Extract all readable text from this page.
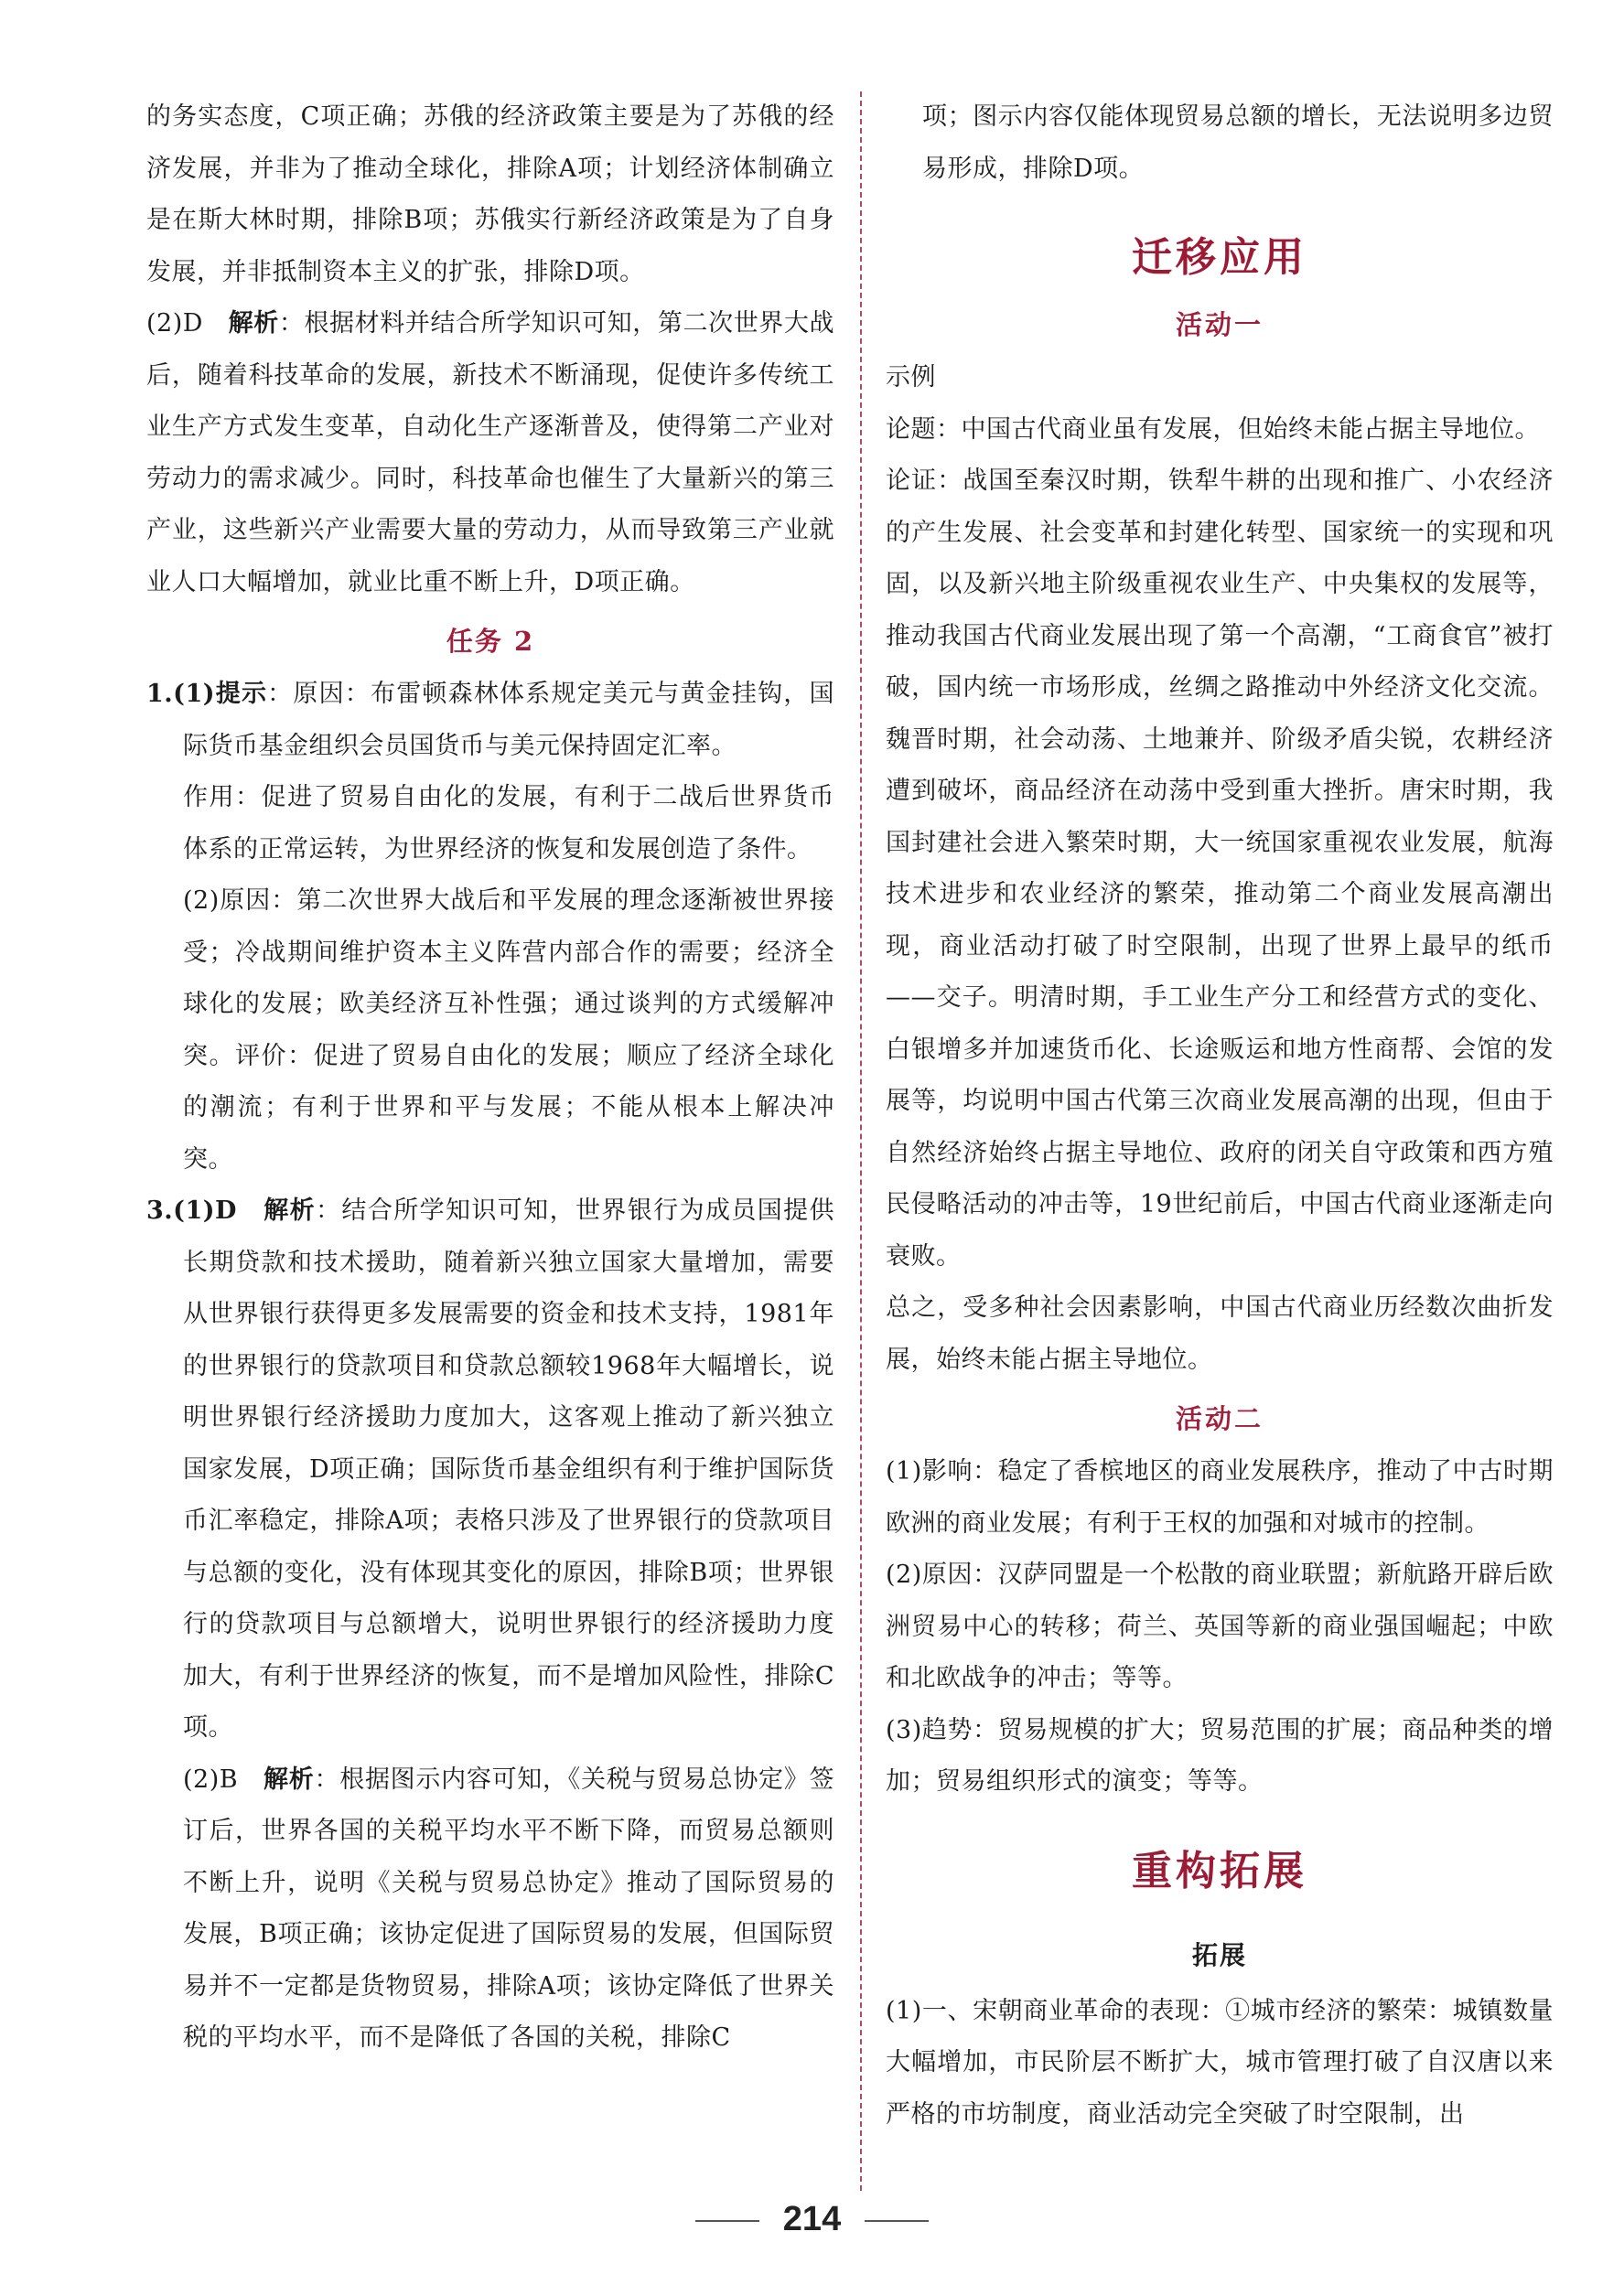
的务实态度，C项正确；苏俄的经济政策主要是为了苏俄的经济发展，并非为了推动全球化，排除A项；计划经济体制确立是在斯大林时期，排除B项；苏俄实行新经济政策是为了自身发展，并非抵制资本主义的扩张，排除D项。

(2)D　解析：根据材料并结合所学知识可知，第二次世界大战后，随着科技革命的发展，新技术不断涌现，促使许多传统工业生产方式发生变革，自动化生产逐渐普及，使得第二产业对劳动力的需求减少。同时，科技革命也催生了大量新兴的第三产业，这些新兴产业需要大量的劳动力，从而导致第三产业就业人口大幅增加，就业比重不断上升，D项正确。

任务 2

1.(1)提示：原因：布雷顿森林体系规定美元与黄金挂钩，国际货币基金组织会员国货币与美元保持固定汇率。

作用：促进了贸易自由化的发展，有利于二战后世界货币体系的正常运转，为世界经济的恢复和发展创造了条件。

(2)原因：第二次世界大战后和平发展的理念逐渐被世界接受；冷战期间维护资本主义阵营内部合作的需要；经济全球化的发展；欧美经济互补性强；通过谈判的方式缓解冲突。评价：促进了贸易自由化的发展；顺应了经济全球化的潮流；有利于世界和平与发展；不能从根本上解决冲突。

3.(1)D　解析：结合所学知识可知，世界银行为成员国提供长期贷款和技术援助，随着新兴独立国家大量增加，需要从世界银行获得更多发展需要的资金和技术支持，1981年的世界银行的贷款项目和贷款总额较1968年大幅增长，说明世界银行经济援助力度加大，这客观上推动了新兴独立国家发展，D项正确；国际货币基金组织有利于维护国际货币汇率稳定，排除A项；表格只涉及了世界银行的贷款项目与总额的变化，没有体现其变化的原因，排除B项；世界银行的贷款项目与总额增大，说明世界银行的经济援助力度加大，有利于世界经济的恢复，而不是增加风险性，排除C项。

(2)B　解析：根据图示内容可知，《关税与贸易总协定》签订后，世界各国的关税平均水平不断下降，而贸易总额则不断上升，说明《关税与贸易总协定》推动了国际贸易的发展，B项正确；该协定促进了国际贸易的发展，但国际贸易并不一定都是货物贸易，排除A项；该协定降低了世界关税的平均水平，而不是降低了各国的关税，排除C

项；图示内容仅能体现贸易总额的增长，无法说明多边贸易形成，排除D项。

迁移应用
活动一

示例

论题：中国古代商业虽有发展，但始终未能占据主导地位。

论证：战国至秦汉时期，铁犁牛耕的出现和推广、小农经济的产生发展、社会变革和封建化转型、国家统一的实现和巩固，以及新兴地主阶级重视农业生产、中央集权的发展等，推动我国古代商业发展出现了第一个高潮，“工商食官”被打破，国内统一市场形成，丝绸之路推动中外经济文化交流。魏晋时期，社会动荡、土地兼并、阶级矛盾尖锐，农耕经济遭到破坏，商品经济在动荡中受到重大挫折。唐宋时期，我国封建社会进入繁荣时期，大一统国家重视农业发展，航海技术进步和农业经济的繁荣，推动第二个商业发展高潮出现，商业活动打破了时空限制，出现了世界上最早的纸币——交子。明清时期，手工业生产分工和经营方式的变化、白银增多并加速货币化、长途贩运和地方性商帮、会馆的发展等，均说明中国古代第三次商业发展高潮的出现，但由于自然经济始终占据主导地位、政府的闭关自守政策和西方殖民侵略活动的冲击等，19世纪前后，中国古代商业逐渐走向衰败。

总之，受多种社会因素影响，中国古代商业历经数次曲折发展，始终未能占据主导地位。

活动二

(1)影响：稳定了香槟地区的商业发展秩序，推动了中古时期欧洲的商业发展；有利于王权的加强和对城市的控制。

(2)原因：汉萨同盟是一个松散的商业联盟；新航路开辟后欧洲贸易中心的转移；荷兰、英国等新的商业强国崛起；中欧和北欧战争的冲击；等等。

(3)趋势：贸易规模的扩大；贸易范围的扩展；商品种类的增加；贸易组织形式的演变；等等。

重构拓展
拓展

(1)一、宋朝商业革命的表现：①城市经济的繁荣：城镇数量大幅增加，市民阶层不断扩大，城市管理打破了自汉唐以来严格的市坊制度，商业活动完全突破了时空限制，出

214
